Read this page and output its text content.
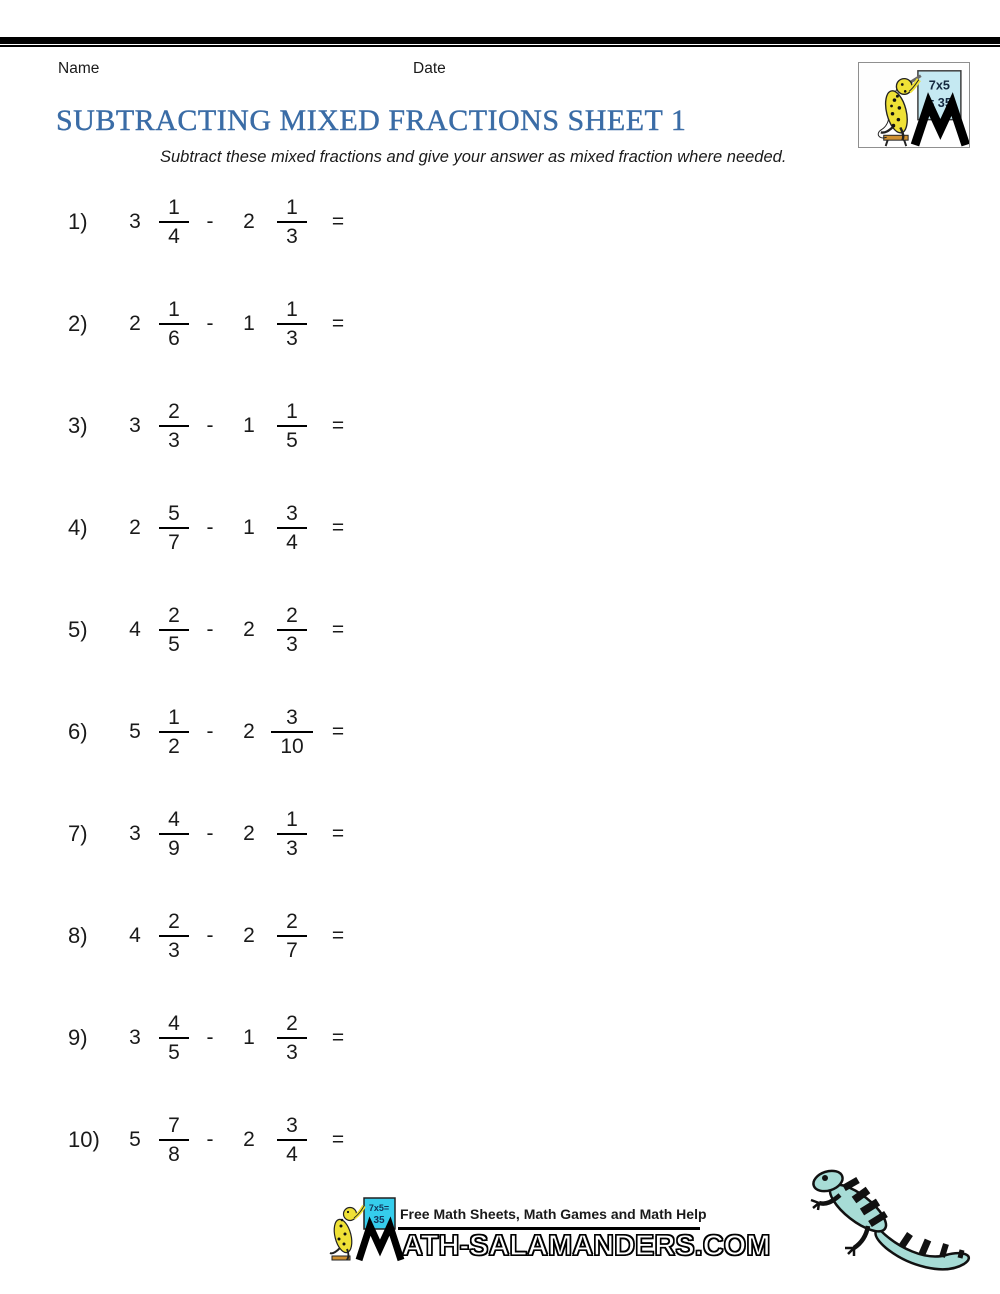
Name	Date
7x5
= 35
SUBTRACTING MIXED FRACTIONS SHEET 1
Subtract these mixed fractions and give your answer as mixed fraction where needed.
1)	$3 \frac{1}{4}$ -	2	$\frac{1}{3}$ =
2)	$2 \frac{1}{6}$ -	1	$\frac{1}{3}$ =
3)	$3 \frac{2}{3}$ -	1	$\frac{1}{5}$ =
4)	$2 \frac{5}{7}$ -	1	$\frac{3}{4}$ =
5)	$4 \frac{2}{5}$ -	2	$\frac{2}{3}$ =
6)	$5 \frac{1}{2}$ -	$2 \frac{3}{10}$ =
7)	$3 \frac{4}{9}$ -	2	$\frac{1}{3}$ =
8)	$4 \frac{2}{3}$ -	2	$\frac{2}{7}$ =
9)	$3 \frac{4}{5}$ -	1	$\frac{2}{3}$ =
10)	$5 \frac{7}{8}$ -	2	$\frac{3}{4}$ =
7x5=
35 Free Math Sheets, Math Games and Math Help
ATH-SALAMANDERS.COM
